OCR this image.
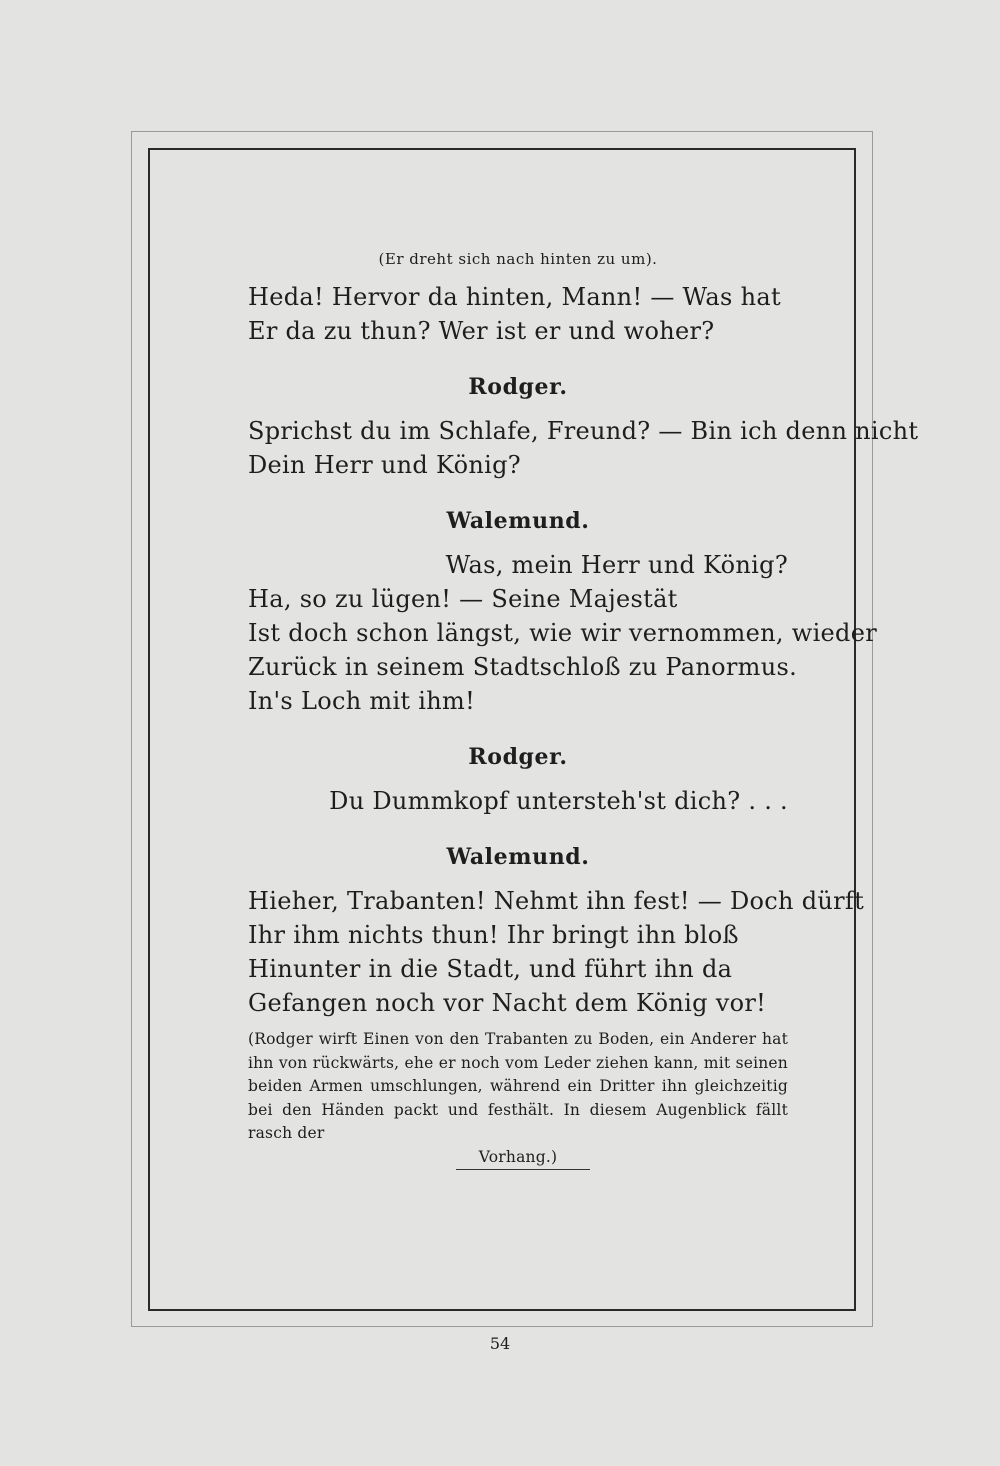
(Er dreht sich nach hinten zu um).

Heda! Hervor da hinten, Mann! — Was hat

Er da zu thun? Wer ist er und woher?

Rodger.

Sprichst du im Schlafe, Freund? — Bin ich denn nicht

Dein Herr und König?

Walemund.

Was, mein Herr und König?

Ha, so zu lügen! — Seine Majestät

Ist doch schon längst, wie wir vernommen, wieder

Zurück in seinem Stadtschloß zu Panormus.

In's Loch mit ihm!

Rodger.

Du Dummkopf untersteh'st dich? . . .

Walemund.

Hieher, Trabanten! Nehmt ihn fest! — Doch dürft

Ihr ihm nichts thun! Ihr bringt ihn bloß

Hinunter in die Stadt, und führt ihn da

Gefangen noch vor Nacht dem König vor!

(Rodger wirft Einen von den Trabanten zu Boden, ein Anderer hat ihn von rückwärts, ehe er noch vom Leder ziehen kann, mit seinen beiden Armen umschlungen, während ein Dritter ihn gleichzeitig bei den Händen packt und festhält. In diesem Augenblick fällt rasch der
Vorhang.)

54
